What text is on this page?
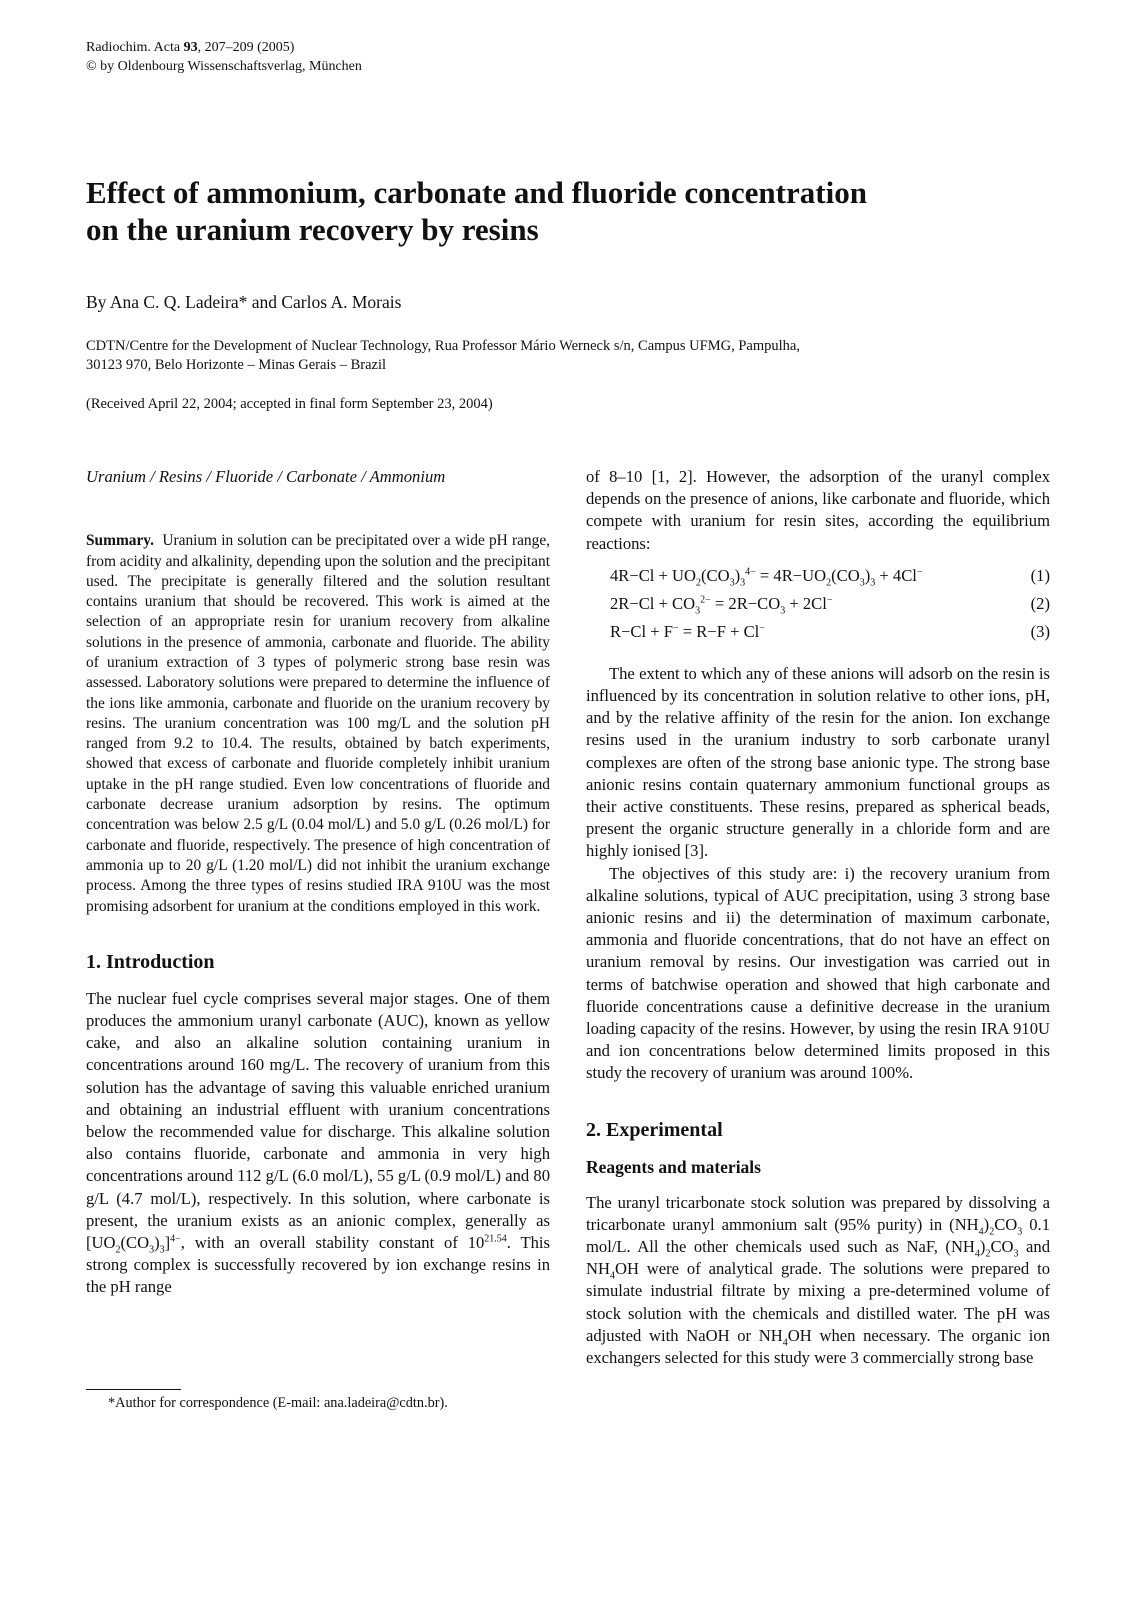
Radiochim. Acta 93, 207–209 (2005)
© by Oldenbourg Wissenschaftsverlag, München
Effect of ammonium, carbonate and fluoride concentration
on the uranium recovery by resins
By Ana C. Q. Ladeira* and Carlos A. Morais
CDTN/Centre for the Development of Nuclear Technology, Rua Professor Mário Werneck s/n, Campus UFMG, Pampulha,
30123 970, Belo Horizonte – Minas Gerais – Brazil
(Received April 22, 2004; accepted in final form September 23, 2004)

Uranium / Resins / Fluoride / Carbonate / Ammonium

Summary. Uranium in solution can be precipitated over a wide pH range, from acidity and alkalinity, depending upon the solution and the precipitant used. The precipitate is generally filtered and the solution resultant contains uranium that should be recovered. This work is aimed at the selection of an appropriate resin for uranium recovery from alkaline solutions in the presence of ammonia, carbonate and fluoride. The ability of uranium extraction of 3 types of polymeric strong base resin was assessed. Laboratory solutions were prepared to determine the influence of the ions like ammonia, carbonate and fluoride on the uranium recovery by resins. The uranium concentration was 100 mg/L and the solution pH ranged from 9.2 to 10.4. The results, obtained by batch experiments, showed that excess of carbonate and fluoride completely inhibit uranium uptake in the pH range studied. Even low concentrations of fluoride and carbonate decrease uranium adsorption by resins. The optimum concentration was below 2.5 g/L (0.04 mol/L) and 5.0 g/L (0.26 mol/L) for carbonate and fluoride, respectively. The presence of high concentration of ammonia up to 20 g/L (1.20 mol/L) did not inhibit the uranium exchange process. Among the three types of resins studied IRA 910U was the most promising adsorbent for uranium at the conditions employed in this work.

1. Introduction

The nuclear fuel cycle comprises several major stages. One of them produces the ammonium uranyl carbonate (AUC), known as yellow cake, and also an alkaline solution containing uranium in concentrations around 160 mg/L. The recovery of uranium from this solution has the advantage of saving this valuable enriched uranium and obtaining an industrial effluent with uranium concentrations below the recommended value for discharge. This alkaline solution also contains fluoride, carbonate and ammonia in very high concentrations around 112 g/L (6.0 mol/L), 55 g/L (0.9 mol/L) and 80 g/L (4.7 mol/L), respectively. In this solution, where carbonate is present, the uranium exists as an anionic complex, generally as $[UO_2(CO_3)_3]^{4-}$, with an overall stability constant of $10^{21.54}$. This strong complex is successfully recovered by ion exchange resins in the pH range

of 8–10 [1, 2]. However, the adsorption of the uranyl complex depends on the presence of anions, like carbonate and fluoride, which compete with uranium for resin sites, according the equilibrium reactions:

$4R-Cl + UO_2(CO_3)_3^{4-} = 4R-UO_2(CO_3)_3 + 4Cl^-$	(1)
$2R-Cl + CO_3^{2-} = 2R-CO_3 + 2Cl^-$	(2)
R−Cl + F− = R−F + Cl−	(3)

The extent to which any of these anions will adsorb on the resin is influenced by its concentration in solution relative to other ions, pH, and by the relative affinity of the resin for the anion. Ion exchange resins used in the uranium industry to sorb carbonate uranyl complexes are often of the strong base anionic type. The strong base anionic resins contain quaternary ammonium functional groups as their active constituents. These resins, prepared as spherical beads, present the organic structure generally in a chloride form and are highly ionised [3].

The objectives of this study are: i) the recovery uranium from alkaline solutions, typical of AUC precipitation, using 3 strong base anionic resins and ii) the determination of maximum carbonate, ammonia and fluoride concentrations, that do not have an effect on uranium removal by resins. Our investigation was carried out in terms of batchwise operation and showed that high carbonate and fluoride concentrations cause a definitive decrease in the uranium loading capacity of the resins. However, by using the resin IRA 910U and ion concentrations below determined limits proposed in this study the recovery of uranium was around 100%.

2. Experimental
Reagents and materials

The uranyl tricarbonate stock solution was prepared by dissolving a tricarbonate uranyl ammonium salt (95% purity) in $(NH_4)_2CO_3$ 0.1 mol/L. All the other chemicals used such as NaF, $(NH_4)_2CO_3$ and $NH_4OH$ were of analytical grade. The solutions were prepared to simulate industrial filtrate by mixing a pre-determined volume of stock solution with the chemicals and distilled water. The pH was adjusted with NaOH or $NH_4OH$ when necessary. The organic ion exchangers selected for this study were 3 commercially strong base

*Author for correspondence (E-mail: ana.ladeira@cdtn.br).
